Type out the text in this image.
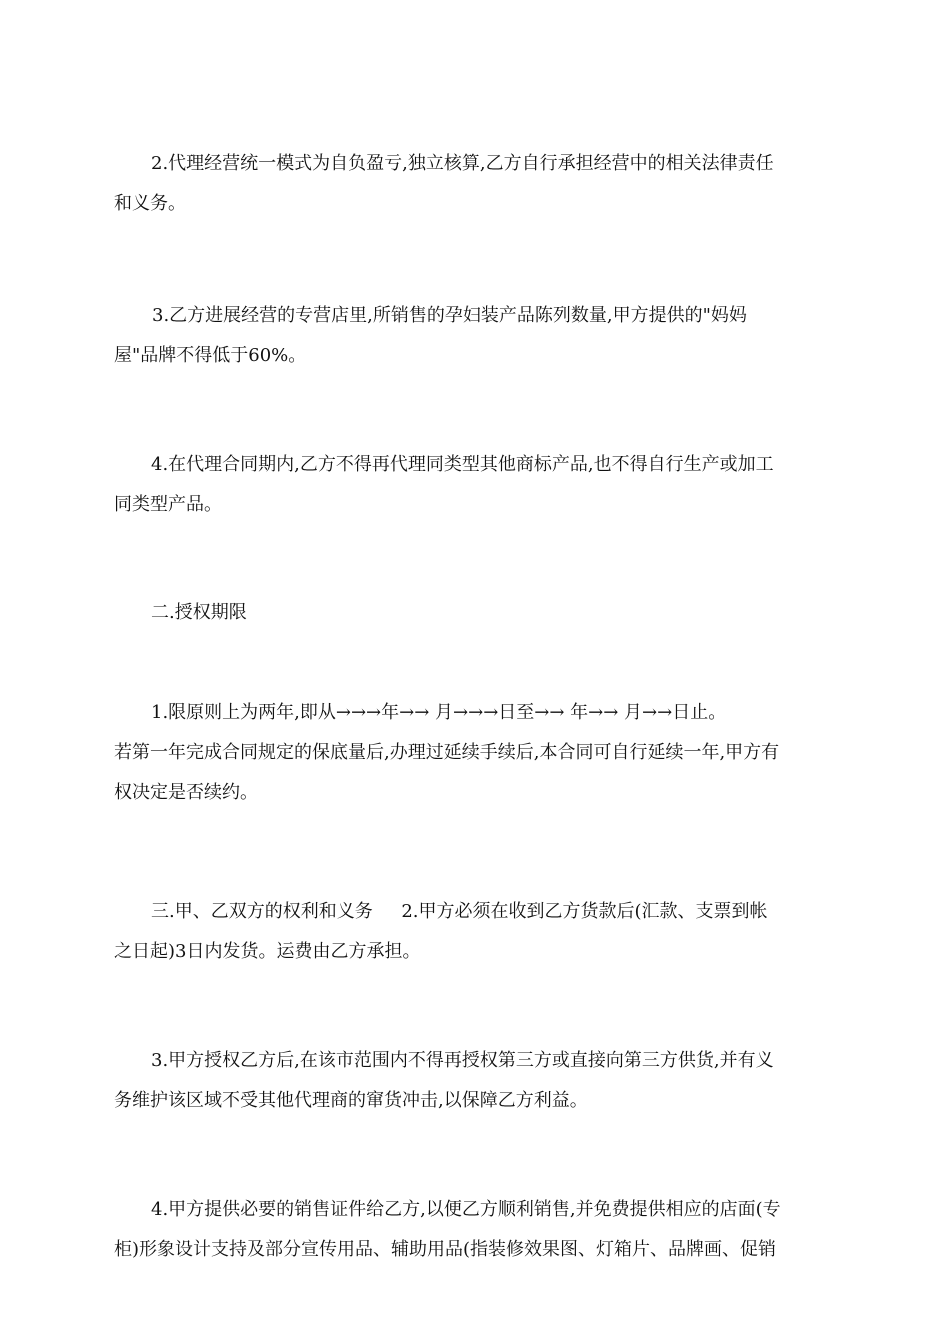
2.代理经营统一模式为自负盈亏,独立核算,乙方自行承担经营中的相关法律责任
和义务。

3.乙方进展经营的专营店里,所销售的孕妇装产品陈列数量,甲方提供的"妈妈
屋"品牌不得低于60%。

4.在代理合同期内,乙方不得再代理同类型其他商标产品,也不得自行生产或加工
同类型产品。

二.授权期限

1.限原则上为两年,即从→→→年→→ 月→→→日至→→ 年→→ 月→→日止。
若第一年完成合同规定的保底量后,办理过延续手续后,本合同可自行延续一年,甲方有
权决定是否续约。

三.甲、乙双方的权利和义务     2.甲方必须在收到乙方货款后(汇款、支票到帐
之日起)3日内发货。运费由乙方承担。

3.甲方授权乙方后,在该市范围内不得再授权第三方或直接向第三方供货,并有义
务维护该区域不受其他代理商的窜货冲击,以保障乙方利益。

4.甲方提供必要的销售证件给乙方,以便乙方顺利销售,并免费提供相应的店面(专
柜)形象设计支持及部分宣传用品、辅助用品(指装修效果图、灯箱片、品牌画、促销
